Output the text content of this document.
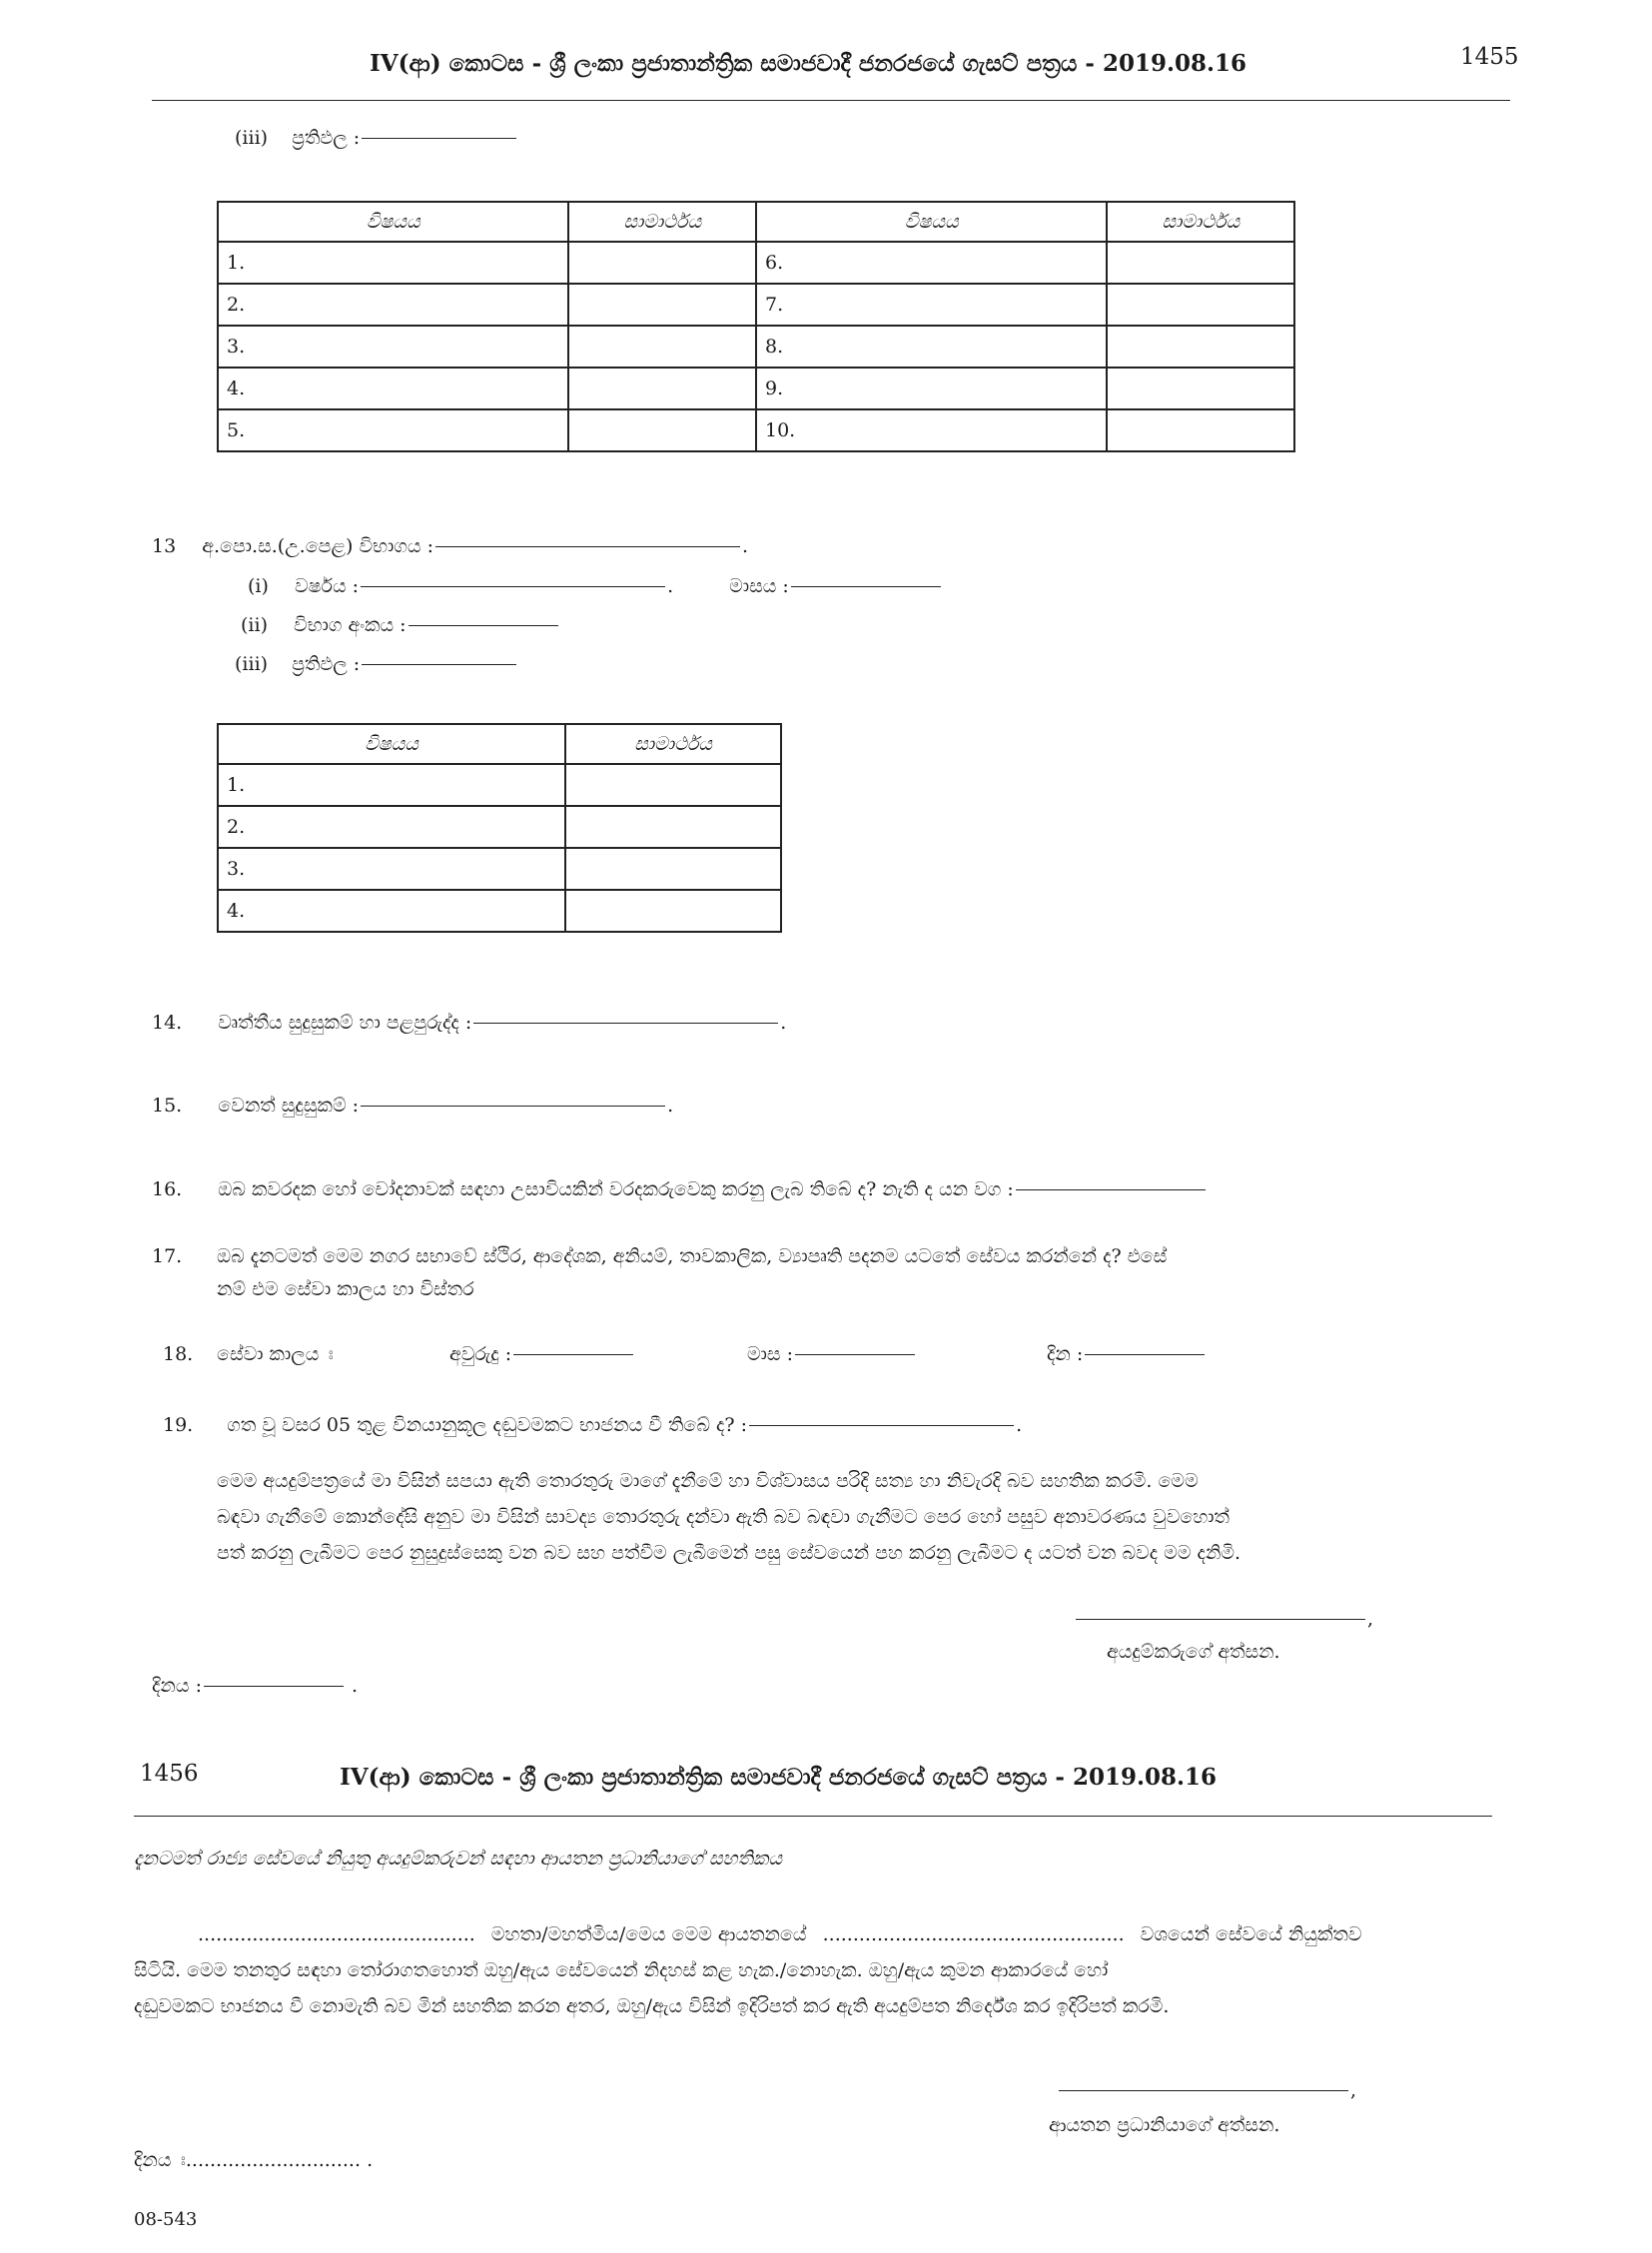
IV(ආ) කොටස - ශ්‍රී ලංකා ප්‍රජාතාන්ත්‍රික සමාජවාදී ජනරජයේ ගැසට් පත්‍රය - 2019.08.16	1455
(iii) ප්‍රතිඵල :
විෂයය	සාමාර්ථය	විෂයය	සාමාර්ථය
1.		6.	
2.		7.	
3.		8.	
4.		9.	
5.		10.	
13 අ.පො.ස.(උ.පෙළ) විභාගය :	.
(i) වර්ෂය :	.	මාසය :
(ii) විභාග අංකය :
(iii) ප්‍රතිඵල :
විෂයය	සාමාර්ථය
1.	
2.	
3.	
4.	
14. වෘත්තීය සුදුසුකම් හා පළපුරුද්ද :	.
15. වෙනත් සුදුසුකම් :	.
16. ඔබ කවරදක හෝ චෝදනාවක් සඳහා උසාවියකින් වරදකරුවෙකු කරනු ලැබ තිබේ ද? නැති ද යන වග :
17. ඔබ දැනටමත් මෙම නගර සභාවේ ස්ථිර, ආදේශක, අනියම්, තාවකාලික, ව්‍යාපෘති පදනම යටතේ සේවය කරන්නේ ද? එසේ
නම් එම සේවා කාලය හා විස්තර
18. සේවා කාලය ඃ	අවුරුදු :	මාස :	දින :
19. ගත වූ වසර 05 තුළ විනයානුකූල දඬුවමකට භාජනය වී තිබේ ද? :	.
මෙම අයදුම්පත්‍රයේ මා විසින් සපයා ඇති තොරතුරු මාගේ දැනීමේ හා විශ්වාසය පරිදි සත්‍ය හා නිවැරදි බව සහතික කරමි. මෙම
බඳවා ගැනීමේ කොන්දේසි අනුව මා විසින් සාවද්‍ය තොරතුරු දන්වා ඇති බව බඳවා ගැනීමට පෙර හෝ පසුව අනාවරණය වුවහොත්
පත් කරනු ලැබීමට පෙර නුසුදුස්සෙකු වන බව සහ පත්වීම ලැබීමෙන් පසු සේවයෙන් පහ කරනු ලැබීමට ද යටත් වන බවද මම දනිමි.
,
අයදුම්කරුගේ අත්සන.
දිනය :	.
1456	IV(ආ) කොටස - ශ්‍රී ලංකා ප්‍රජාතාන්ත්‍රික සමාජවාදී ජනරජයේ ගැසට් පත්‍රය - 2019.08.16
දැනටමත් රාජ්‍ය සේවයේ නියුතු අයදුම්කරුවන් සඳහා ආයතන ප්‍රධානියාගේ සහතිකය
.............................................. මහතා/මහත්මිය/මෙය මෙම ආයතනයේ .................................................. වශයෙන් සේවයේ නියුක්තව
සිටියි. මෙම තනතුර සඳහා තෝරාගතහොත් ඔහු/ඇය සේවයෙන් නිදහස් කළ හැක./නොහැක. ඔහු/ඇය කුමන ආකාරයේ හෝ
දඬුවමකට භාජනය වී නොමැති බව මින් සහතික කරන අතර, ඔහු/ඇය විසින් ඉදිරිපත් කර ඇති අයදුම්පත නිර්දේශ කර ඉදිරිපත් කරමි.
,
ආයතන ප්‍රධානියාගේ අත්සන.
දිනය ඃ............................. .
08-543
